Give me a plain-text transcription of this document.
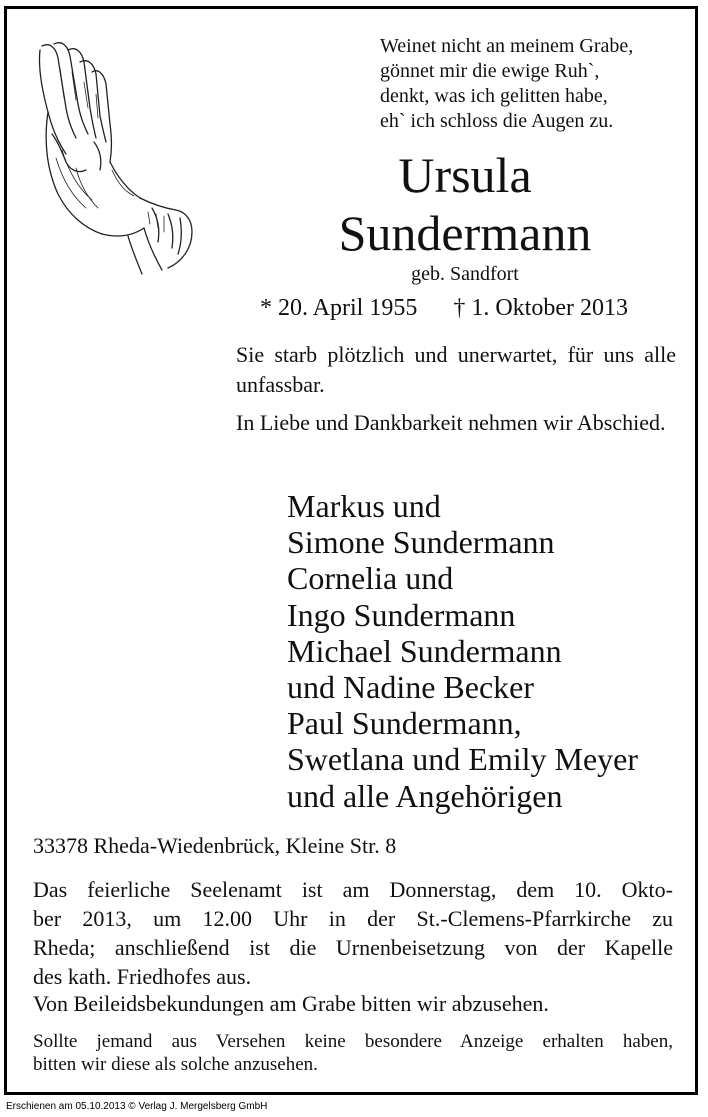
Weinet nicht an meinem Grabe,
gönnet mir die ewige Ruh`,
denkt, was ich gelitten habe,
eh` ich schloss die Augen zu.
Ursula
Sundermann
geb. Sandfort
* 20. April 1955 † 1. Oktober 2013
Sie starb plötzlich und unerwartet, für uns alle unfassbar.
In Liebe und Dankbarkeit nehmen wir Abschied.
Markus und
Simone Sundermann
Cornelia und
Ingo Sundermann
Michael Sundermann
und Nadine Becker
Paul Sundermann,
Swetlana und Emily Meyer
und alle Angehörigen
33378 Rheda-Wiedenbrück, Kleine Str. 8
Das feierliche Seelenamt ist am Donnerstag, dem 10. Okto-
ber 2013, um 12.00 Uhr in der St.-Clemens-Pfarrkirche zu
Rheda; anschließend ist die Urnenbeisetzung von der Kapelle
des kath. Friedhofes aus.
Von Beileidsbekundungen am Grabe bitten wir abzusehen.
Sollte jemand aus Versehen keine besondere Anzeige erhalten haben,
bitten wir diese als solche anzusehen.
Erschienen am 05.10.2013 © Verlag J. Mergelsberg GmbH
